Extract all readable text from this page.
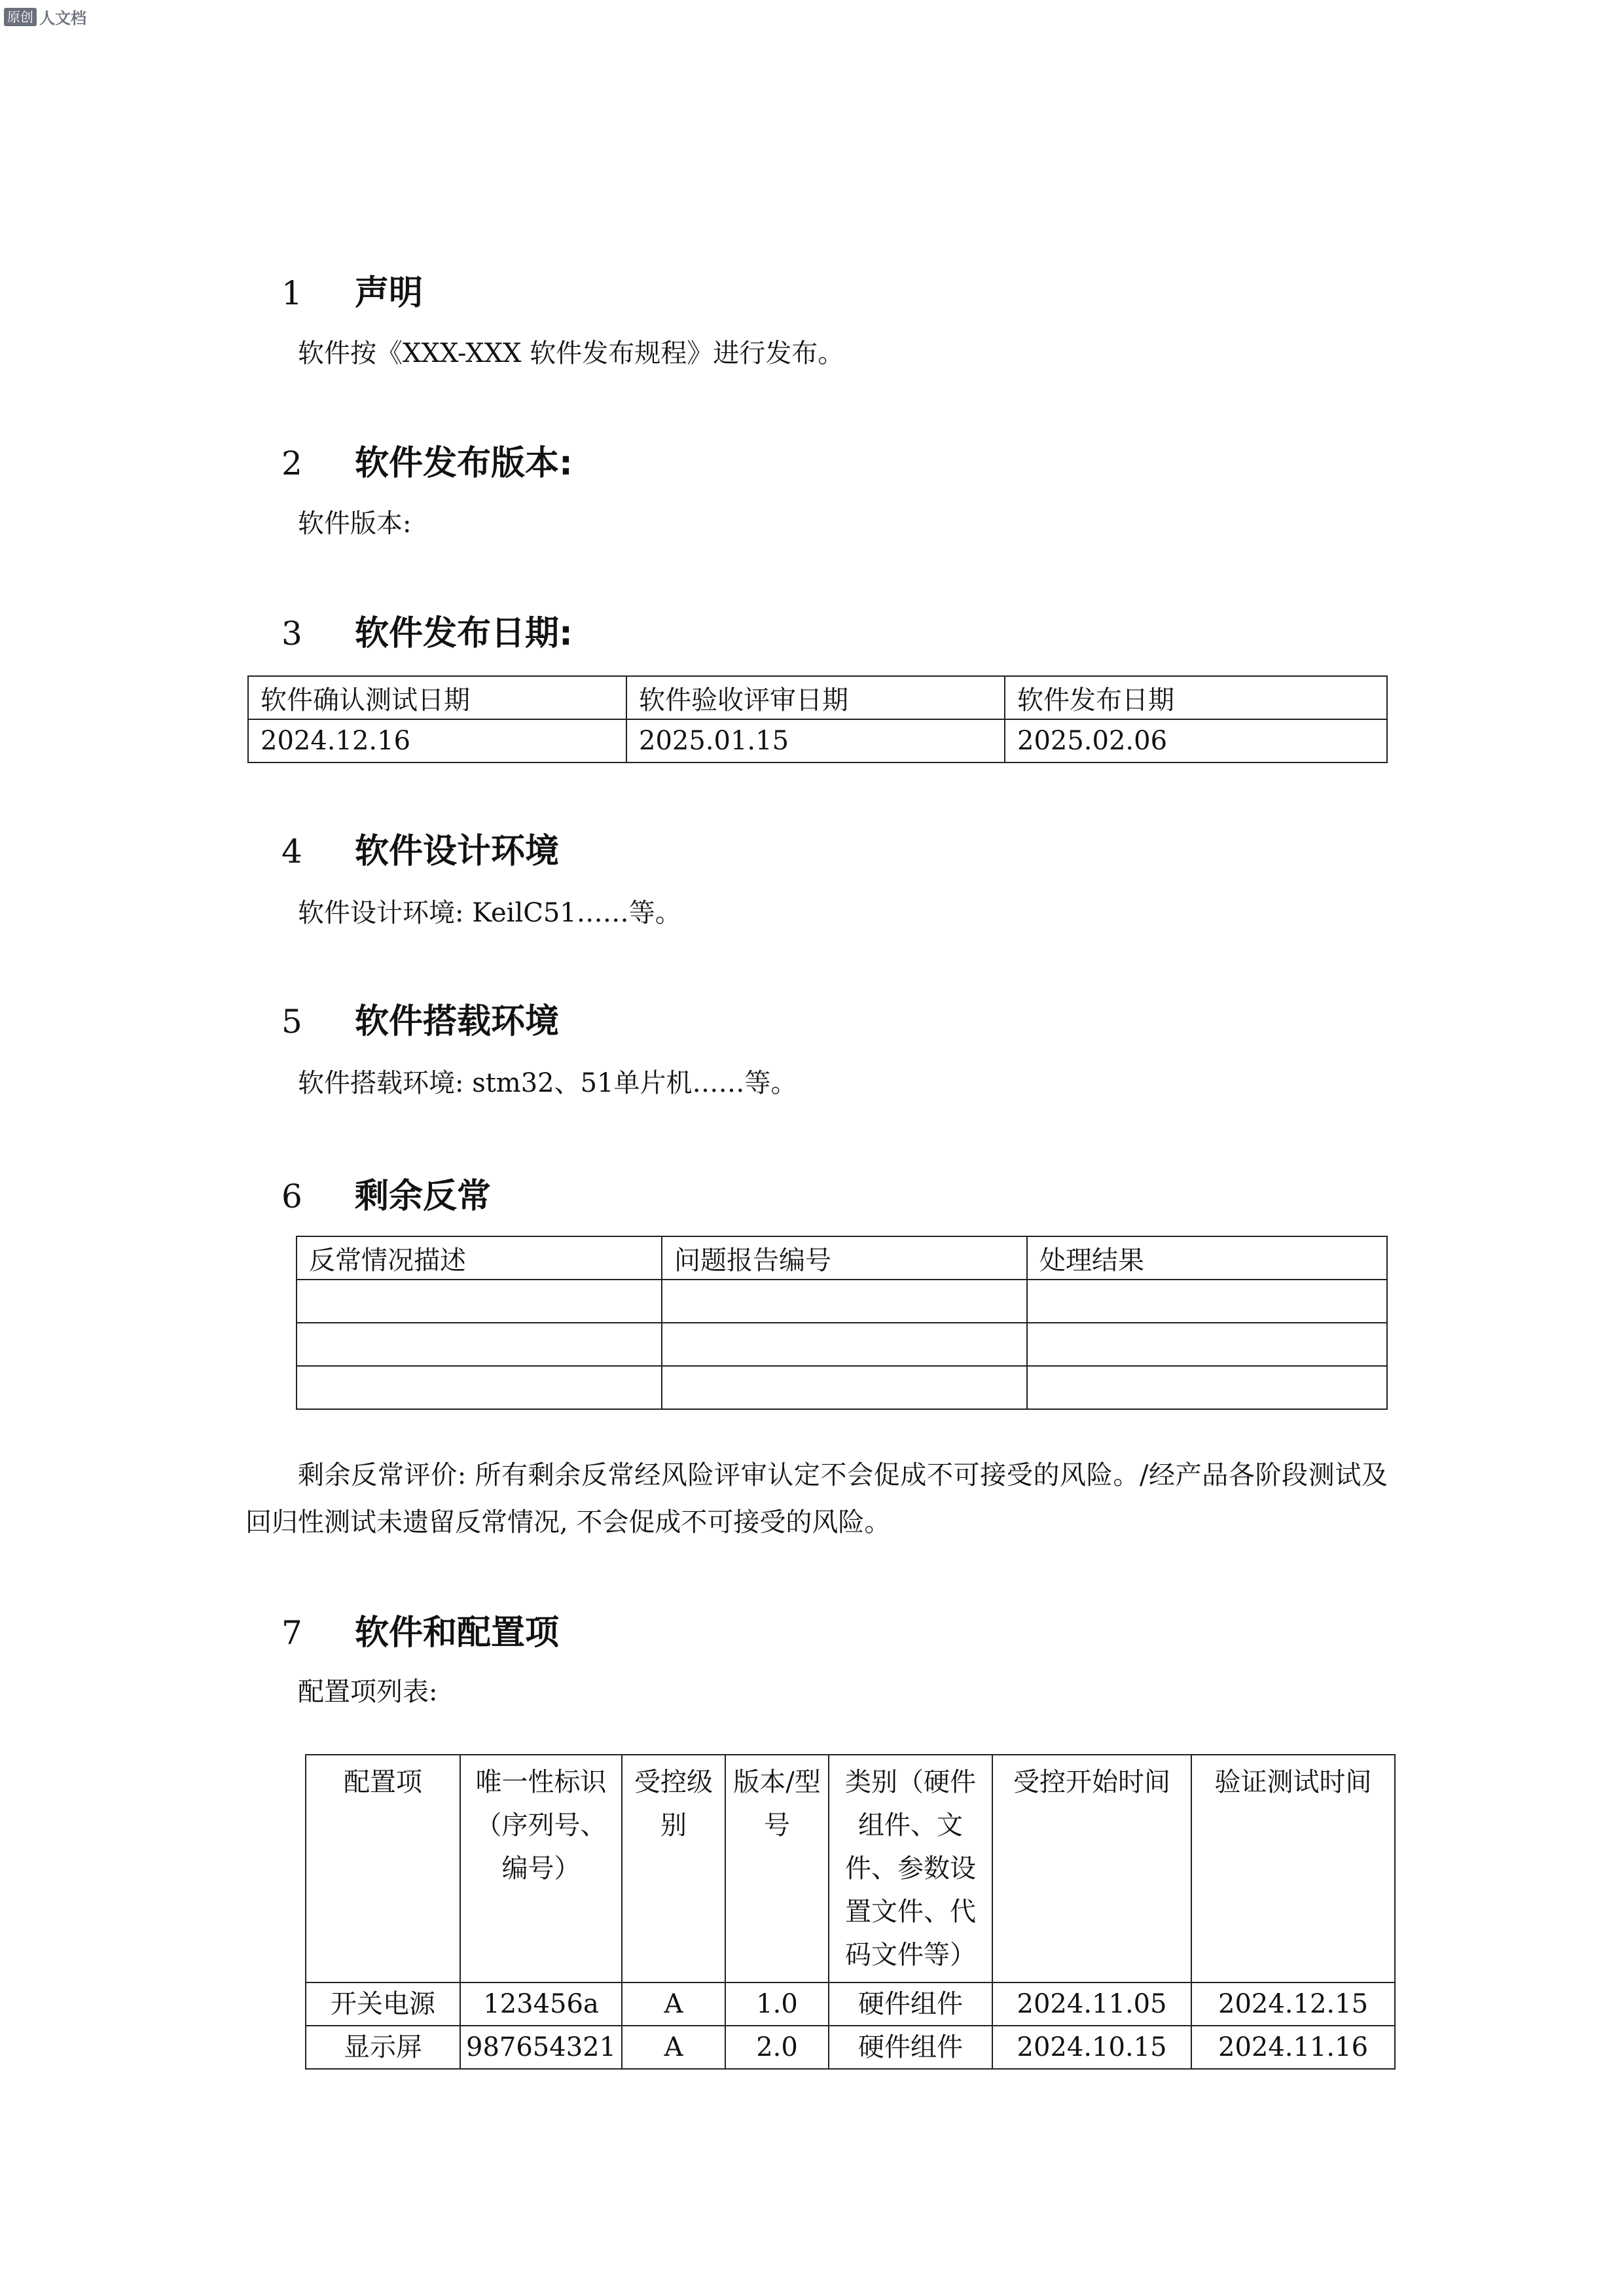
原创 人文档
1	声明
软件按《XXX-XXX 软件发布规程》进行发布。
2	软件发布版本:
软件版本:
3	软件发布日期:
软件确认测试日期	软件验收评审日期	软件发布日期
2024.12.16	2025.01.15	2025.02.06
4	软件设计环境
软件设计环境: KeilC51……等。
5	软件搭载环境
软件搭载环境: stm32、51单片机……等。
6	剩余反常
反常情况描述	问题报告编号	处理结果

剩余反常评价: 所有剩余反常经风险评审认定不会促成不可接受的风险。/经产品各阶段测试及回归性测试未遗留反常情况, 不会促成不可接受的风险。
7	软件和配置项
配置项列表:
配置项	唯一性标识（序列号、编号）	受控级别	版本/型号	类别（硬件组件、文件、参数设置文件、代码文件等）	受控开始时间	验证测试时间
开关电源	123456a	A	1.0	硬件组件	2024.11.05	2024.12.15
显示屏	987654321	A	2.0	硬件组件	2024.10.15	2024.11.16
